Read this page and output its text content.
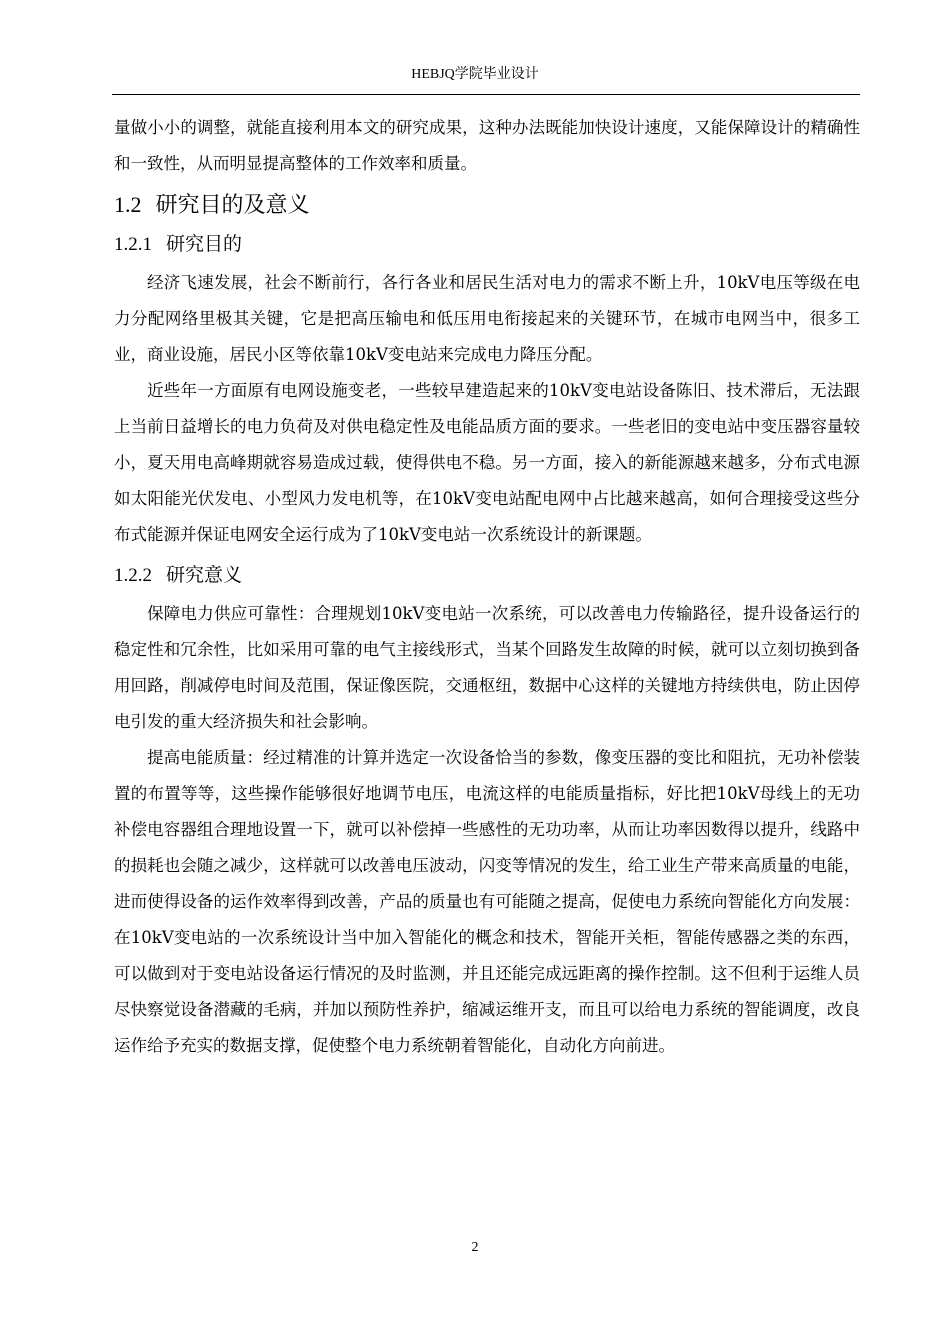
HEBJQ学院毕业设计

量做小小的调整，就能直接利用本文的研究成果，这种办法既能加快设计速度，又能保障设计的精确性和一致性，从而明显提高整体的工作效率和质量。

1.2 研究目的及意义
1.2.1 研究目的

经济飞速发展，社会不断前行，各行各业和居民生活对电力的需求不断上升，10kV电压等级在电力分配网络里极其关键，它是把高压输电和低压用电衔接起来的关键环节，在城市电网当中，很多工业，商业设施，居民小区等依靠10kV变电站来完成电力降压分配。

近些年一方面原有电网设施变老，一些较早建造起来的10kV变电站设备陈旧、技术滞后，无法跟上当前日益增长的电力负荷及对供电稳定性及电能品质方面的要求。一些老旧的变电站中变压器容量较小，夏天用电高峰期就容易造成过载，使得供电不稳。另一方面，接入的新能源越来越多，分布式电源如太阳能光伏发电、小型风力发电机等，在10kV变电站配电网中占比越来越高，如何合理接受这些分布式能源并保证电网安全运行成为了10kV变电站一次系统设计的新课题。

1.2.2 研究意义

保障电力供应可靠性：合理规划10kV变电站一次系统，可以改善电力传输路径，提升设备运行的稳定性和冗余性，比如采用可靠的电气主接线形式，当某个回路发生故障的时候，就可以立刻切换到备用回路，削减停电时间及范围，保证像医院，交通枢纽，数据中心这样的关键地方持续供电，防止因停电引发的重大经济损失和社会影响。

提高电能质量：经过精准的计算并选定一次设备恰当的参数，像变压器的变比和阻抗，无功补偿装置的布置等等，这些操作能够很好地调节电压，电流这样的电能质量指标，好比把10kV母线上的无功补偿电容器组合理地设置一下，就可以补偿掉一些感性的无功功率，从而让功率因数得以提升，线路中的损耗也会随之减少，这样就可以改善电压波动，闪变等情况的发生，给工业生产带来高质量的电能，进而使得设备的运作效率得到改善，产品的质量也有可能随之提高，促使电力系统向智能化方向发展：在10kV变电站的一次系统设计当中加入智能化的概念和技术，智能开关柜，智能传感器之类的东西，可以做到对于变电站设备运行情况的及时监测，并且还能完成远距离的操作控制。这不但利于运维人员尽快察觉设备潜藏的毛病，并加以预防性养护，缩减运维开支，而且可以给电力系统的智能调度，改良运作给予充实的数据支撑，促使整个电力系统朝着智能化，自动化方向前进。

2
